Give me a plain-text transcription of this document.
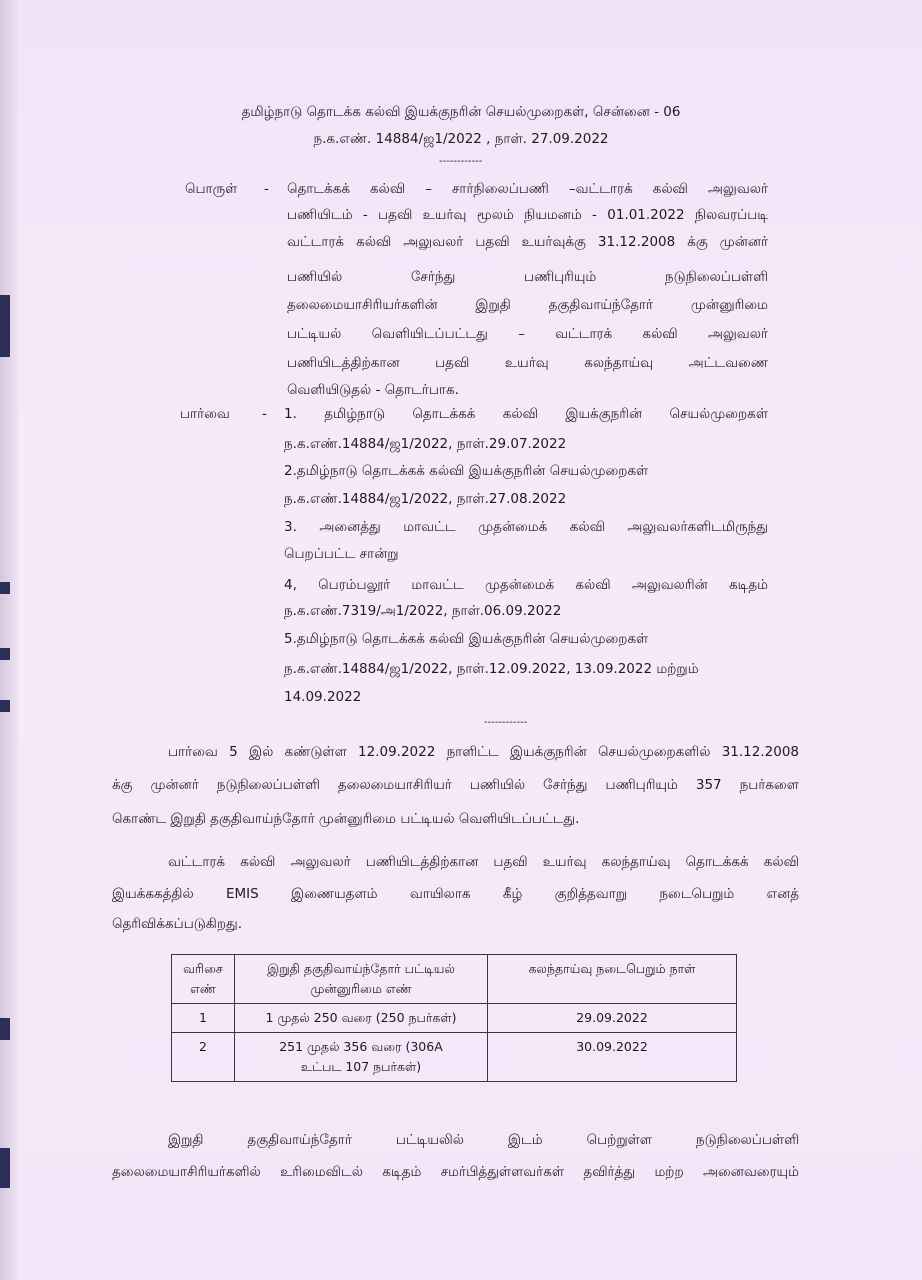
தமிழ்நாடு தொடக்க கல்வி இயக்குநரின் செயல்முறைகள், சென்னை - 06
ந.க.எண். 14884/ஜ1/2022 , நாள். 27.09.2022
------------
பொருள் - தொடக்கக் கல்வி – சார்நிலைப்பணி –வட்டாரக் கல்வி அலுவலர்
பணியிடம் - பதவி உயர்வு மூலம் நியமனம் - 01.01.2022 நிலவரப்படி
வட்டாரக் கல்வி அலுவலர் பதவி உயர்வுக்கு 31.12.2008 க்கு முன்னர்
பணியில் சேர்ந்து பணிபுரியும் நடுநிலைப்பள்ளி
தலைமையாசிரியர்களின் இறுதி தகுதிவாய்ந்தோர் முன்னுரிமை
பட்டியல் வெளியிடப்பட்டது – வட்டாரக் கல்வி அலுவலர்
பணியிடத்திற்கான பதவி உயர்வு கலந்தாய்வு அட்டவணை
வெளியிடுதல் - தொடர்பாக.
பார்வை - 1. தமிழ்நாடு தொடக்கக் கல்வி இயக்குநரின் செயல்முறைகள்
ந.க.எண்.14884/ஜ1/2022, நாள்.29.07.2022
2.தமிழ்நாடு தொடக்கக் கல்வி இயக்குநரின் செயல்முறைகள்
ந.க.எண்.14884/ஜ1/2022, நாள்.27.08.2022
3. அனைத்து மாவட்ட முதன்மைக் கல்வி அலுவலர்களிடமிருந்து
பெறப்பட்ட சான்று
4, பெரம்பலூர் மாவட்ட முதன்மைக் கல்வி அலுவலரின் கடிதம்
ந.க.எண்.7319/அ1/2022, நாள்.06.09.2022
5.தமிழ்நாடு தொடக்கக் கல்வி இயக்குநரின் செயல்முறைகள்
ந.க.எண்.14884/ஜ1/2022, நாள்.12.09.2022, 13.09.2022 மற்றும்
14.09.2022
------------
பார்வை 5 இல் கண்டுள்ள 12.09.2022 நாளிட்ட இயக்குநரின் செயல்முறைகளில் 31.12.2008
க்கு முன்னர் நடுநிலைப்பள்ளி தலைமையாசிரியர் பணியில் சேர்ந்து பணிபுரியும் 357 நபர்களை
கொண்ட இறுதி தகுதிவாய்ந்தோர் முன்னுரிமை பட்டியல் வெளியிடப்பட்டது.
வட்டாரக் கல்வி அலுவலர் பணியிடத்திற்கான பதவி உயர்வு கலந்தாய்வு தொடக்கக் கல்வி
இயக்ககத்தில் EMIS இணையதளம் வாயிலாக கீழ் குறித்தவாறு நடைபெறும் எனத்
தெரிவிக்கப்படுகிறது.
வரிசை எண்	இறுதி தகுதிவாய்ந்தோர் பட்டியல் முன்னுரிமை எண்	கலந்தாய்வு நடைபெறும் நாள்
1	1 முதல் 250 வரை (250 நபர்கள்)	29.09.2022
2	251 முதல் 356 வரை (306A உட்பட 107 நபர்கள்)	30.09.2022
இறுதி தகுதிவாய்ந்தோர் பட்டியலில் இடம் பெற்றுள்ள நடுநிலைப்பள்ளி
தலைமையாசிரியர்களில் உரிமைவிடல் கடிதம் சமர்பித்துள்ளவர்கள் தவிர்த்து மற்ற அனைவரையும்
